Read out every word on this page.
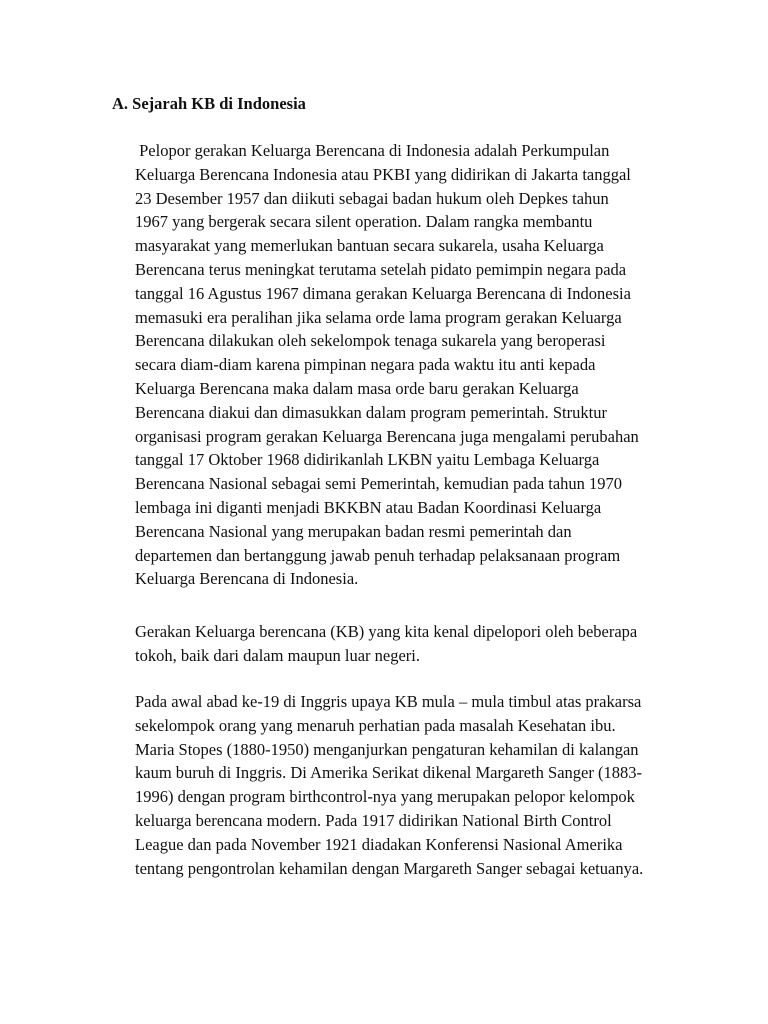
A. Sejarah KB di Indonesia
Pelopor gerakan Keluarga Berencana di Indonesia adalah Perkumpulan
Keluarga Berencana Indonesia atau PKBI yang didirikan di Jakarta tanggal
23 Desember 1957 dan diikuti sebagai badan hukum oleh Depkes tahun
1967 yang bergerak secara silent operation. Dalam rangka membantu
masyarakat yang memerlukan bantuan secara sukarela, usaha Keluarga
Berencana terus meningkat terutama setelah pidato pemimpin negara pada
tanggal 16 Agustus 1967 dimana gerakan Keluarga Berencana di Indonesia
memasuki era peralihan jika selama orde lama program gerakan Keluarga
Berencana dilakukan oleh sekelompok tenaga sukarela yang beroperasi
secara diam-diam karena pimpinan negara pada waktu itu anti kepada
Keluarga Berencana maka dalam masa orde baru gerakan Keluarga
Berencana diakui dan dimasukkan dalam program pemerintah. Struktur
organisasi program gerakan Keluarga Berencana juga mengalami perubahan
tanggal 17 Oktober 1968 didirikanlah LKBN yaitu Lembaga Keluarga
Berencana Nasional sebagai semi Pemerintah, kemudian pada tahun 1970
lembaga ini diganti menjadi BKKBN atau Badan Koordinasi Keluarga
Berencana Nasional yang merupakan badan resmi pemerintah dan
departemen dan bertanggung jawab penuh terhadap pelaksanaan program
Keluarga Berencana di Indonesia.
Gerakan Keluarga berencana (KB) yang kita kenal dipelopori oleh beberapa
tokoh, baik dari dalam maupun luar negeri.
Pada awal abad ke-19 di Inggris upaya KB mula – mula timbul atas prakarsa
sekelompok orang yang menaruh perhatian pada masalah Kesehatan ibu.
Maria Stopes (1880-1950) menganjurkan pengaturan kehamilan di kalangan
kaum buruh di Inggris. Di Amerika Serikat dikenal Margareth Sanger (1883-
1996) dengan program birthcontrol-nya yang merupakan pelopor kelompok
keluarga berencana modern. Pada 1917 didirikan National Birth Control
League dan pada November 1921 diadakan Konferensi Nasional Amerika
tentang pengontrolan kehamilan dengan Margareth Sanger sebagai ketuanya.
